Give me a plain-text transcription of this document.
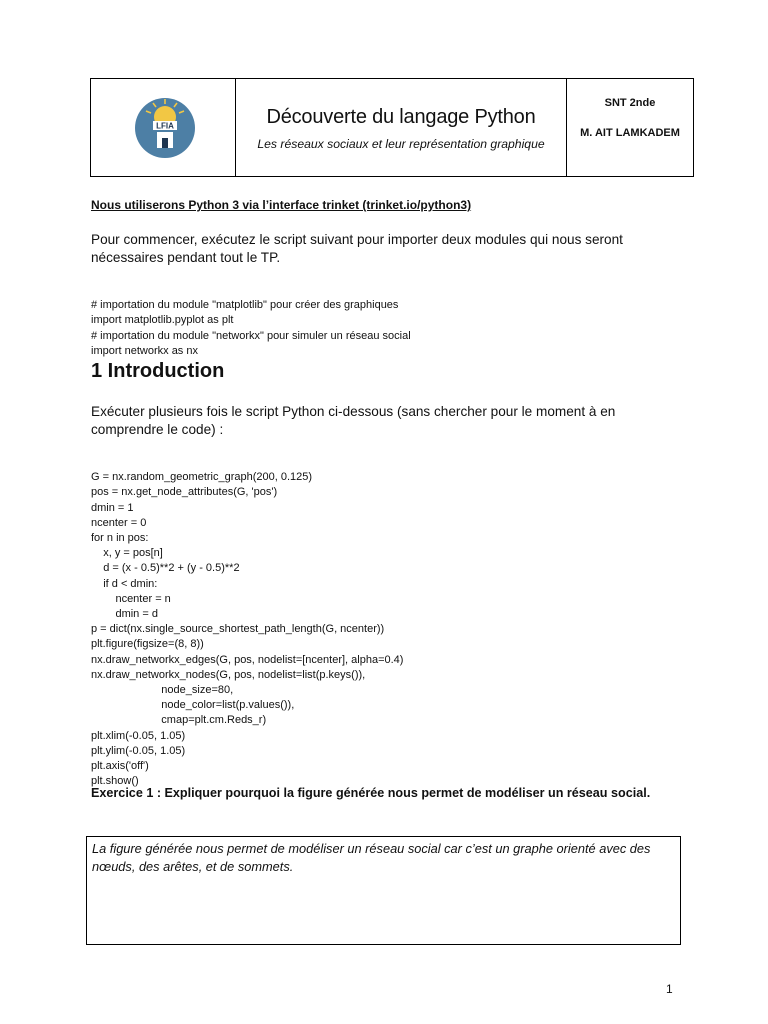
LFIA	Découverte du langage Python
Les réseaux sociaux et leur représentation graphique
SNT 2nde
M. AIT LAMKADEM
Nous utiliserons Python 3 via l’interface trinket (trinket.io/python3)
Pour commencer, exécutez le script suivant pour importer deux modules qui nous seront nécessaires pendant tout le TP.

# importation du module "matplotlib" pour créer des graphiques
import matplotlib.pyplot as plt
# importation du module "networkx" pour simuler un réseau social
import networkx as nx
1 Introduction
Exécuter plusieurs fois le script Python ci-dessous (sans chercher pour le moment à en comprendre le code) :

G = nx.random_geometric_graph(200, 0.125)
pos = nx.get_node_attributes(G, 'pos')
dmin = 1
ncenter = 0
for n in pos:
x, y = pos[n]
d = (x - 0.5)**2 + (y - 0.5)**2
if d < dmin:
ncenter = n
dmin = d
p = dict(nx.single_source_shortest_path_length(G, ncenter))
plt.figure(figsize=(8, 8))
nx.draw_networkx_edges(G, pos, nodelist=[ncenter], alpha=0.4)
nx.draw_networkx_nodes(G, pos, nodelist=list(p.keys()),
node_size=80,
node_color=list(p.values()),
cmap=plt.cm.Reds_r)
plt.xlim(-0.05, 1.05)
plt.ylim(-0.05, 1.05)
plt.axis('off')
plt.show()
Exercice 1 : Expliquer pourquoi la figure générée nous permet de modéliser un réseau social.
La figure générée nous permet de modéliser un réseau social car c’est un graphe orienté avec des nœuds, des arêtes, et de sommets.
1
